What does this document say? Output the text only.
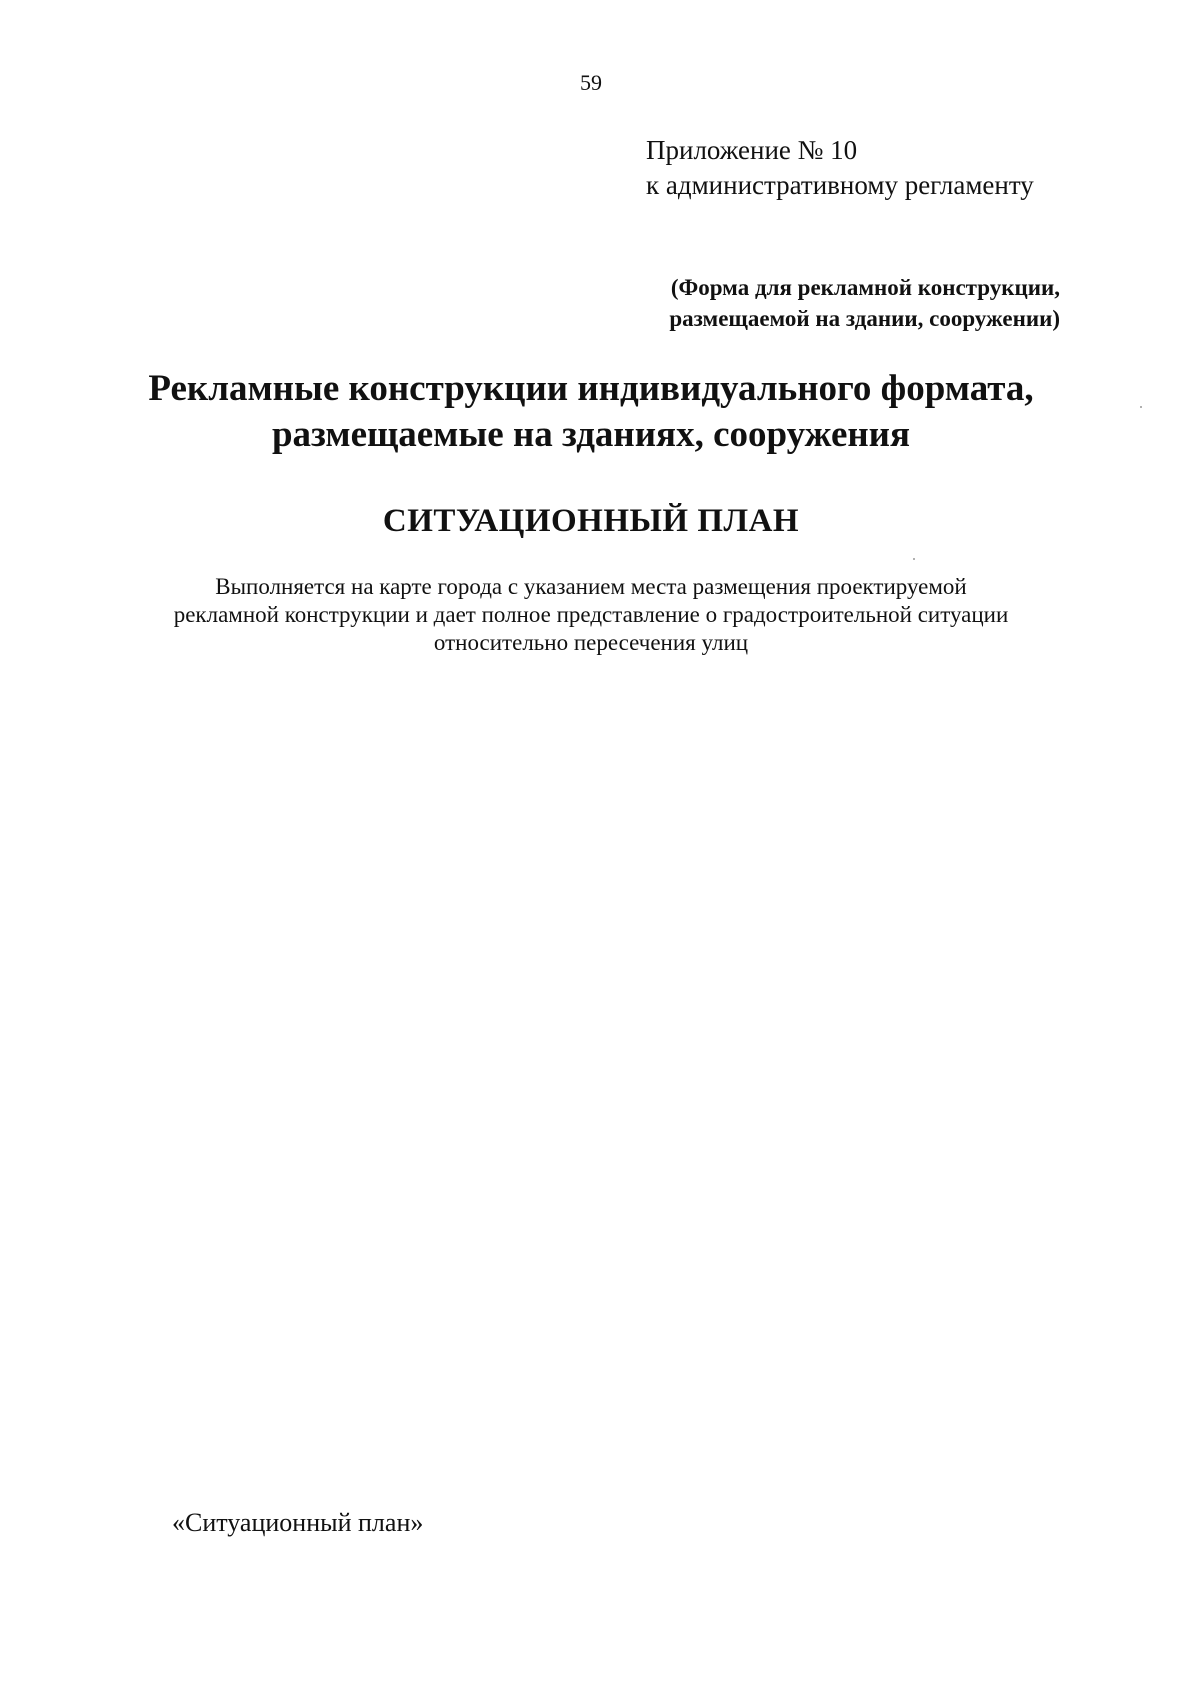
59
Приложение № 10
к административному регламенту
(Форма для рекламной конструкции,
размещаемой на здании, сооружении)
Рекламные конструкции индивидуального формата,
размещаемые на зданиях, сооружения
СИТУАЦИОННЫЙ ПЛАН
Выполняется на карте города с указанием места размещения проектируемой
рекламной конструкции и дает полное представление о градостроительной ситуации
относительно пересечения улиц
«Ситуационный план»
